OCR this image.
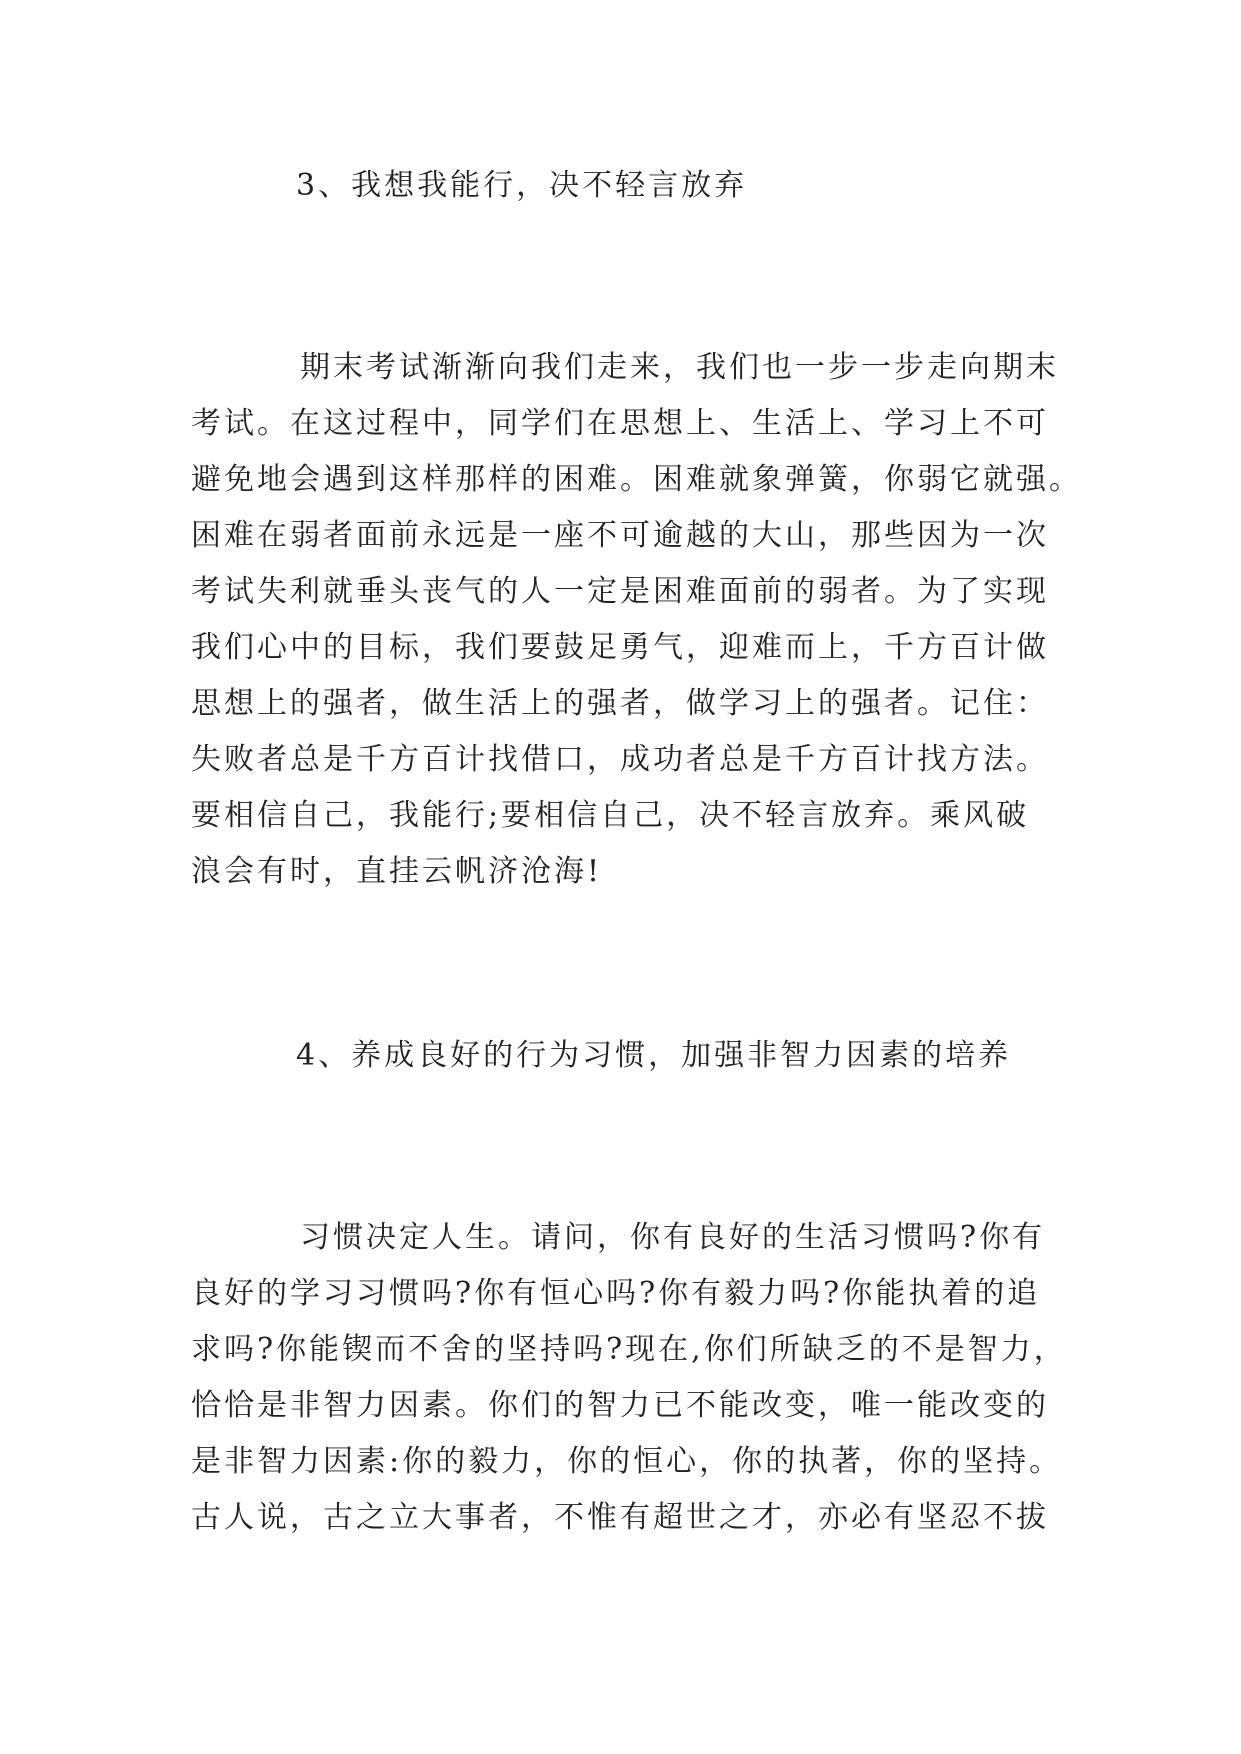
3、我想我能行，决不轻言放弃
期末考试渐渐向我们走来，我们也一步一步走向期末
考试。在这过程中，同学们在思想上、生活上、学习上不可
避免地会遇到这样那样的困难。困难就象弹簧，你弱它就强。
困难在弱者面前永远是一座不可逾越的大山，那些因为一次
考试失利就垂头丧气的人一定是困难面前的弱者。为了实现
我们心中的目标，我们要鼓足勇气，迎难而上，千方百计做
思想上的强者，做生活上的强者，做学习上的强者。记住：
失败者总是千方百计找借口，成功者总是千方百计找方法。
要相信自己，我能行;要相信自己，决不轻言放弃。乘风破
浪会有时，直挂云帆济沧海!
4、养成良好的行为习惯，加强非智力因素的培养
习惯决定人生。请问，你有良好的生活习惯吗?你有
良好的学习习惯吗?你有恒心吗?你有毅力吗?你能执着的追
求吗?你能锲而不舍的坚持吗?现在,你们所缺乏的不是智力，
恰恰是非智力因素。你们的智力已不能改变，唯一能改变的
是非智力因素:你的毅力，你的恒心，你的执著，你的坚持。
古人说，古之立大事者，不惟有超世之才，亦必有坚忍不拔
